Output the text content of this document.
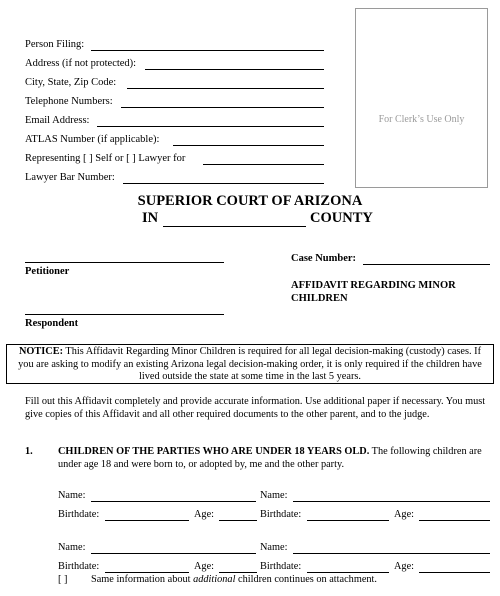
For Clerk’s Use Only
Person Filing:
Address (if not protected):
City, State, Zip Code:
Telephone Numbers:
Email Address:
ATLAS Number (if applicable):
Representing [ ] Self or [ ] Lawyer for
Lawyer Bar Number:
SUPERIOR COURT OF ARIZONA
IN	COUNTY
Petitioner
Case Number:
AFFIDAVIT REGARDING MINOR
CHILDREN
Respondent
NOTICE: This Affidavit Regarding Minor Children is required for all legal decision-making (custody) cases. If you are asking to modify an existing Arizona legal decision-making order, it is only required if the children have lived outside the state at some time in the last 5 years.
Fill out this Affidavit completely and provide accurate information. Use additional paper if necessary. You must give copies of this Affidavit and all other required documents to the other parent, and to the judge.
1. CHILDREN OF THE PARTIES WHO ARE UNDER 18 YEARS OLD. The following children are under age 18 and were born to, or adopted by, me and the other party.
Name:	Name:
Birthdate:	Age:	Birthdate:	Age:
Name:	Name:
Birthdate:	Age:	Birthdate:	Age:
[ ] Same information about additional children continues on attachment.
